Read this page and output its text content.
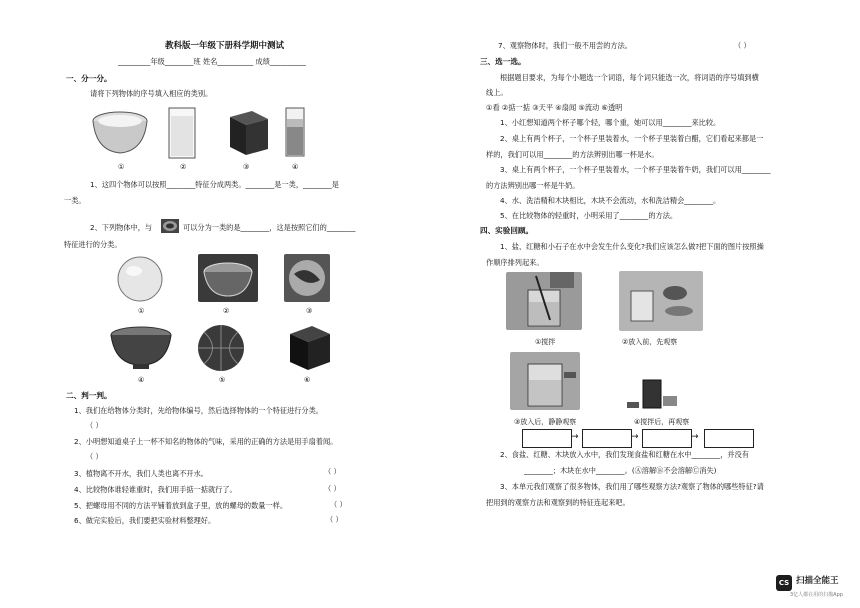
教科版一年级下册科学期中测试
_________年级________班 姓名__________ 成绩__________
一、分一分。
请将下列物体的序号填入相应的类别。
①	②	③	④
1、这四个物体可以按照________特征分成两类。________是一类，________是
一类。
2、下列物体中，与	可以分为一类的是________，这是按照它们的________
特征进行的分类。
①	②	③
④	⑤	⑥
二、判一判。
1、我们在给物体分类时，先给物体编号，然后选择物体的一个特征进行分类。
（ ）
2、小明想知道桌子上一杯不知名的物体的气味，采用的正确的方法是用手扇着闻。
（ ）
3、植物离不开水，我们人类也离不开水。	（ ）
4、比较物体谁轻谁重时，我们用手掂一掂就行了。	（ ）
5、把螺母用不同的方法平铺着放到盒子里，放的螺母的数量一样。	（ ）
6、做完实验后，我们要把实验材料整理好。	（ ）
7、观察物体时，我们一般不用尝的方法。	（ ）
三、选一选。
根据题目要求，为每个小题选一个词语，每个词只能选一次，将词语的序号填到横
线上。
①看 ②掂一掂 ③天平 ④扇闻 ⑤流动 ⑥透明
1、小红想知道两个杯子哪个轻，哪个重，她可以用________来比较。
2、桌上有两个杯子，一个杯子里装着水，一个杯子里装着白醋，它们看起来都是一
样的，我们可以用________的方法辨别出哪一杯是水。
3、桌上有两个杯子，一个杯子里装着水，一个杯子里装着牛奶，我们可以用________
的方法辨别出哪一杯是牛奶。
4、水、洗洁精和木块相比，木块不会流动，水和洗洁精会________。
5、在比较物体的轻重时，小明采用了________的方法。
四、实验回顾。
1、盐、红糖和小石子在水中会发生什么变化?我们应该怎么做?把下面的图片按照操
作顺序排列起来。
①搅拌	②放入前，先观察
③放入后，静静观察	④搅拌后，再观察
→	→	→
2、食盐、红糖、木块放入水中，我们发现食盐和红糖在水中________，并没有
________；木块在水中________。(Ⓐ溶解Ⓑ不会溶解Ⓒ消失)
3、本单元我们观察了很多物体，我们用了哪些观察方法?观察了物体的哪些特征?请
把用到的观察方法和观察到的特征连起来吧。
CS 扫描全能王
3亿人都在用的扫描App
